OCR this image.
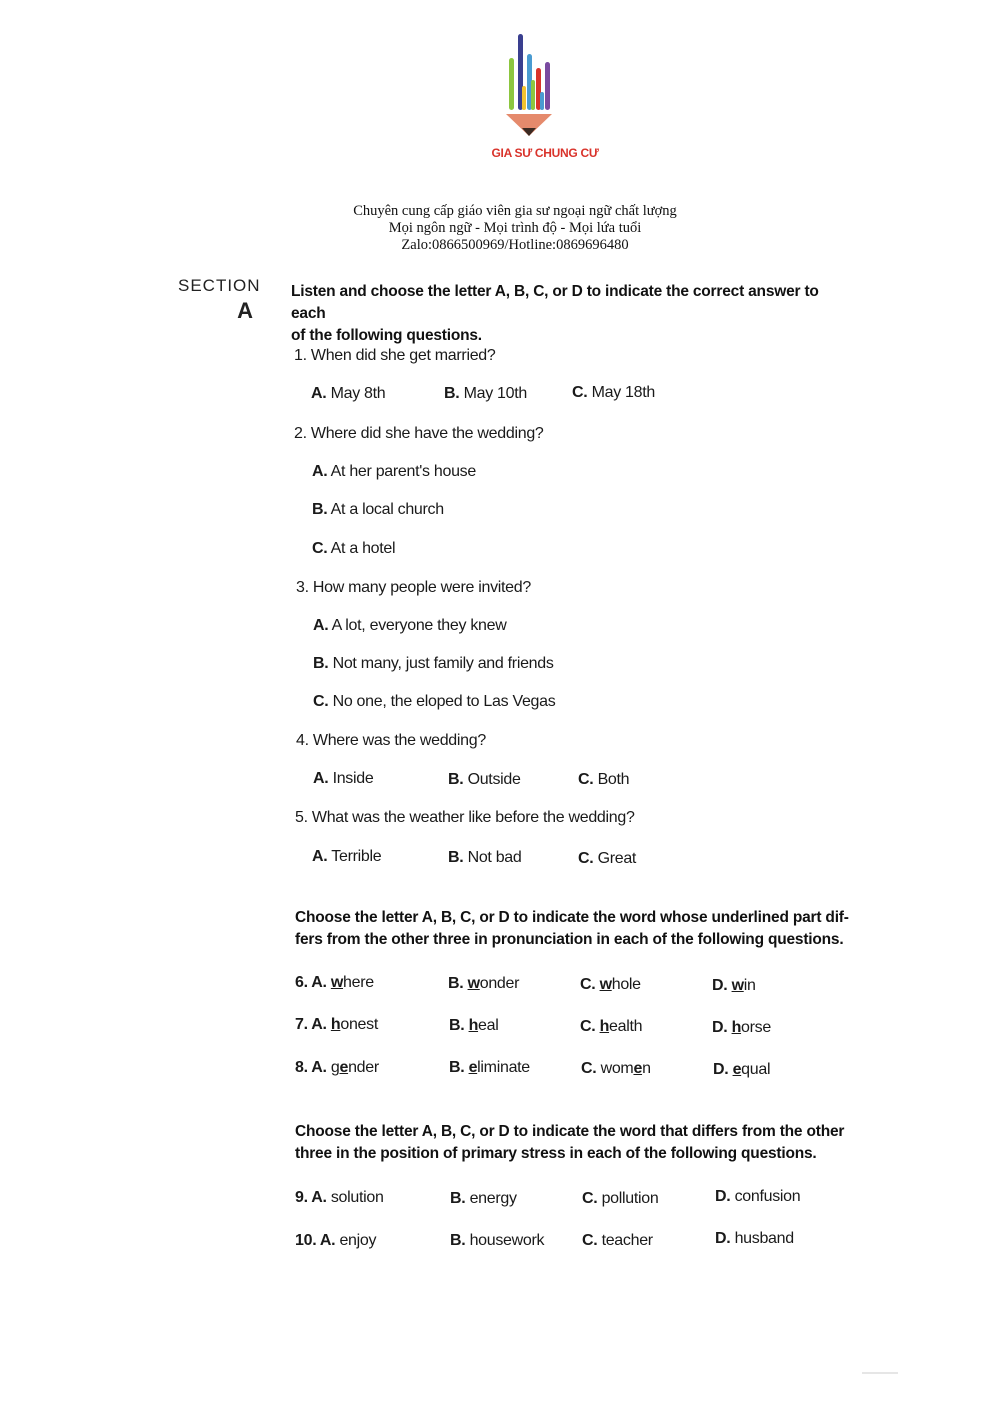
GIA SƯ CHUNG CƯ
Chuyên cung cấp giáo viên gia sư ngoại ngữ chất lượng
Mọi ngôn ngữ - Mọi trình độ - Mọi lứa tuổi
Zalo:0866500969/Hotline:0869696480
SECTION
A
Listen and choose the letter A, B, C, or D to indicate the correct answer to each
of the following questions.
1. When did she get married?
A. May 8th	B. May 10th	C. May 18th
2. Where did she have the wedding?
A. At her parent's house
B. At a local church
C. At a hotel
3. How many people were invited?
A. A lot, everyone they knew
B. Not many, just family and friends
C. No one, the eloped to Las Vegas
4. Where was the wedding?
A. Inside	B. Outside	C. Both
5. What was the weather like before the wedding?
A. Terrible	B. Not bad	C. Great
Choose the letter A, B, C, or D to indicate the word whose underlined part dif-
fers from the other three in pronunciation in each of the following questions.
6. A. where	B. wonder	C. whole	D. win
7. A. honest	B. heal	C. health	D. horse
8. A. gender	B. eliminate	C. women	D. equal
Choose the letter A, B, C, or D to indicate the word that differs from the other
three in the position of primary stress in each of the following questions.
9. A. solution	B. energy	C. pollution	D. confusion
10. A. enjoy	B. housework C. teacher	D. husband
